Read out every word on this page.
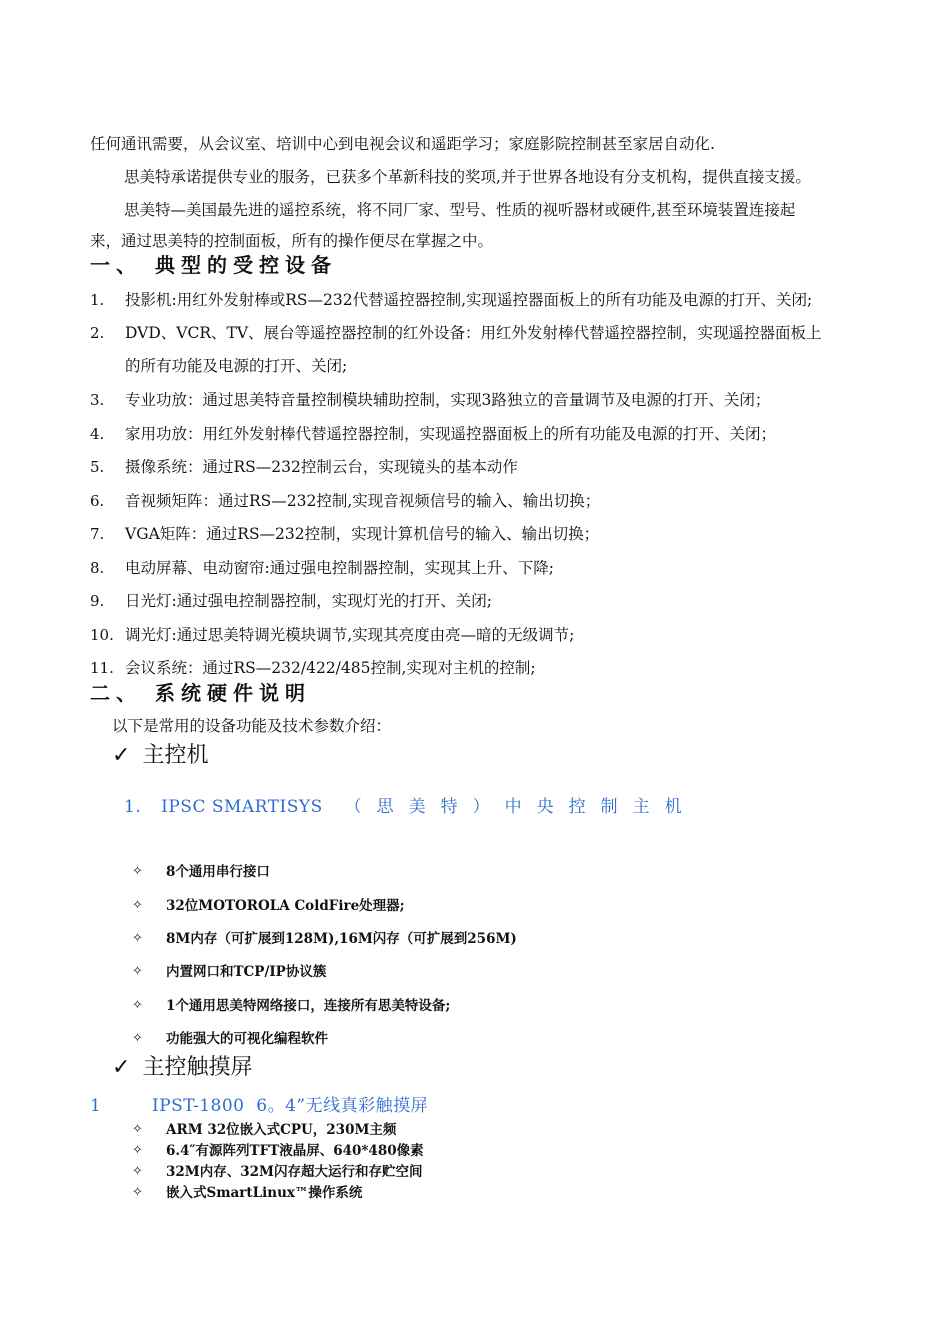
任何通讯需要，从会议室、培训中心到电视会议和遥距学习；家庭影院控制甚至家居自动化.
思美特承诺提供专业的服务，已获多个革新科技的奖项,并于世界各地设有分支机构，提供直接支援。
思美特—美国最先进的遥控系统，将不同厂家、型号、性质的视听器材或硬件,甚至环境装置连接起
来，通过思美特的控制面板，所有的操作便尽在掌握之中。
一、 典型的受控设备
1. 投影机:用红外发射棒或RS—232代替遥控器控制,实现遥控器面板上的所有功能及电源的打开、关闭;
2. DVD、VCR、TV、展台等遥控器控制的红外设备：用红外发射棒代替遥控器控制，实现遥控器面板上
的所有功能及电源的打开、关闭;
3. 专业功放：通过思美特音量控制模块辅助控制，实现3路独立的音量调节及电源的打开、关闭；
4. 家用功放：用红外发射棒代替遥控器控制，实现遥控器面板上的所有功能及电源的打开、关闭；
5. 摄像系统：通过RS—232控制云台，实现镜头的基本动作
6. 音视频矩阵：通过RS—232控制,实现音视频信号的输入、输出切换；
7. VGA矩阵：通过RS—232控制，实现计算机信号的输入、输出切换；
8. 电动屏幕、电动窗帘:通过强电控制器控制，实现其上升、下降;
9. 日光灯:通过强电控制器控制，实现灯光的打开、关闭;
10. 调光灯:通过思美特调光模块调节,实现其亮度由亮—暗的无级调节;
11. 会议系统：通过RS—232/422/485控制,实现对主机的控制;
二、 系统硬件说明
以下是常用的设备功能及技术参数介绍：
✓ 主控机
1. IPSC SMARTISYS （思美特）中央控制主机
✧ 8个通用串行接口
✧ 32位MOTOROLA ColdFire处理器;
✧ 8M内存（可扩展到128M),16M闪存（可扩展到256M)
✧ 内置网口和TCP/IP协议簇
✧ 1个通用思美特网络接口，连接所有思美特设备;
✧ 功能强大的可视化编程软件
✓ 主控触摸屏
1	IPST-1800  6。4”无线真彩触摸屏
✧ ARM 32位嵌入式CPU，230M主频
✧ 6.4″有源阵列TFT液晶屏、640*480像素
✧ 32M内存、32M闪存超大运行和存贮空间
✧ 嵌入式SmartLinux™操作系统
